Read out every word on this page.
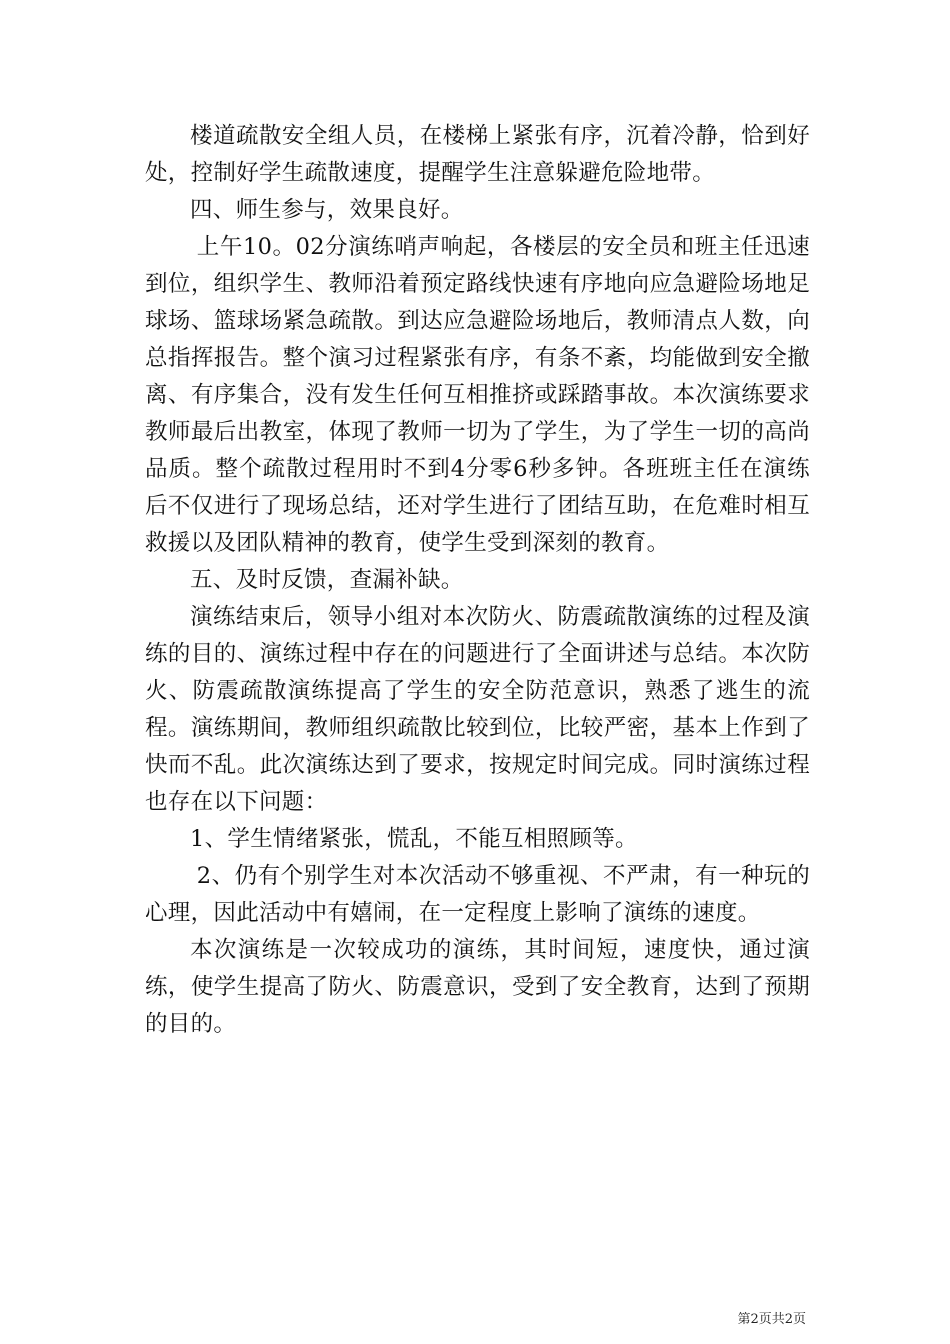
楼道疏散安全组人员，在楼梯上紧张有序，沉着冷静，恰到好处，控制好学生疏散速度，提醒学生注意躲避危险地带。

四、师生参与，效果良好。

上午10。02分演练哨声响起，各楼层的安全员和班主任迅速到位，组织学生、教师沿着预定路线快速有序地向应急避险场地足球场、篮球场紧急疏散。到达应急避险场地后，教师清点人数，向总指挥报告。整个演习过程紧张有序，有条不紊，均能做到安全撤离、有序集合，没有发生任何互相推挤或踩踏事故。本次演练要求教师最后出教室，体现了教师一切为了学生，为了学生一切的高尚品质。整个疏散过程用时不到4分零6秒多钟。各班班主任在演练后不仅进行了现场总结，还对学生进行了团结互助，在危难时相互救援以及团队精神的教育，使学生受到深刻的教育。

五、及时反馈，查漏补缺。

演练结束后，领导小组对本次防火、防震疏散演练的过程及演练的目的、演练过程中存在的问题进行了全面讲述与总结。本次防火、防震疏散演练提高了学生的安全防范意识，熟悉了逃生的流程。演练期间，教师组织疏散比较到位，比较严密，基本上作到了快而不乱。此次演练达到了要求，按规定时间完成。同时演练过程也存在以下问题：

1、学生情绪紧张，慌乱，不能互相照顾等。

2、仍有个别学生对本次活动不够重视、不严肃，有一种玩的心理，因此活动中有嬉闹，在一定程度上影响了演练的速度。

本次演练是一次较成功的演练，其时间短，速度快，通过演练，使学生提高了防火、防震意识，受到了安全教育，达到了预期的目的。

第2页共2页
